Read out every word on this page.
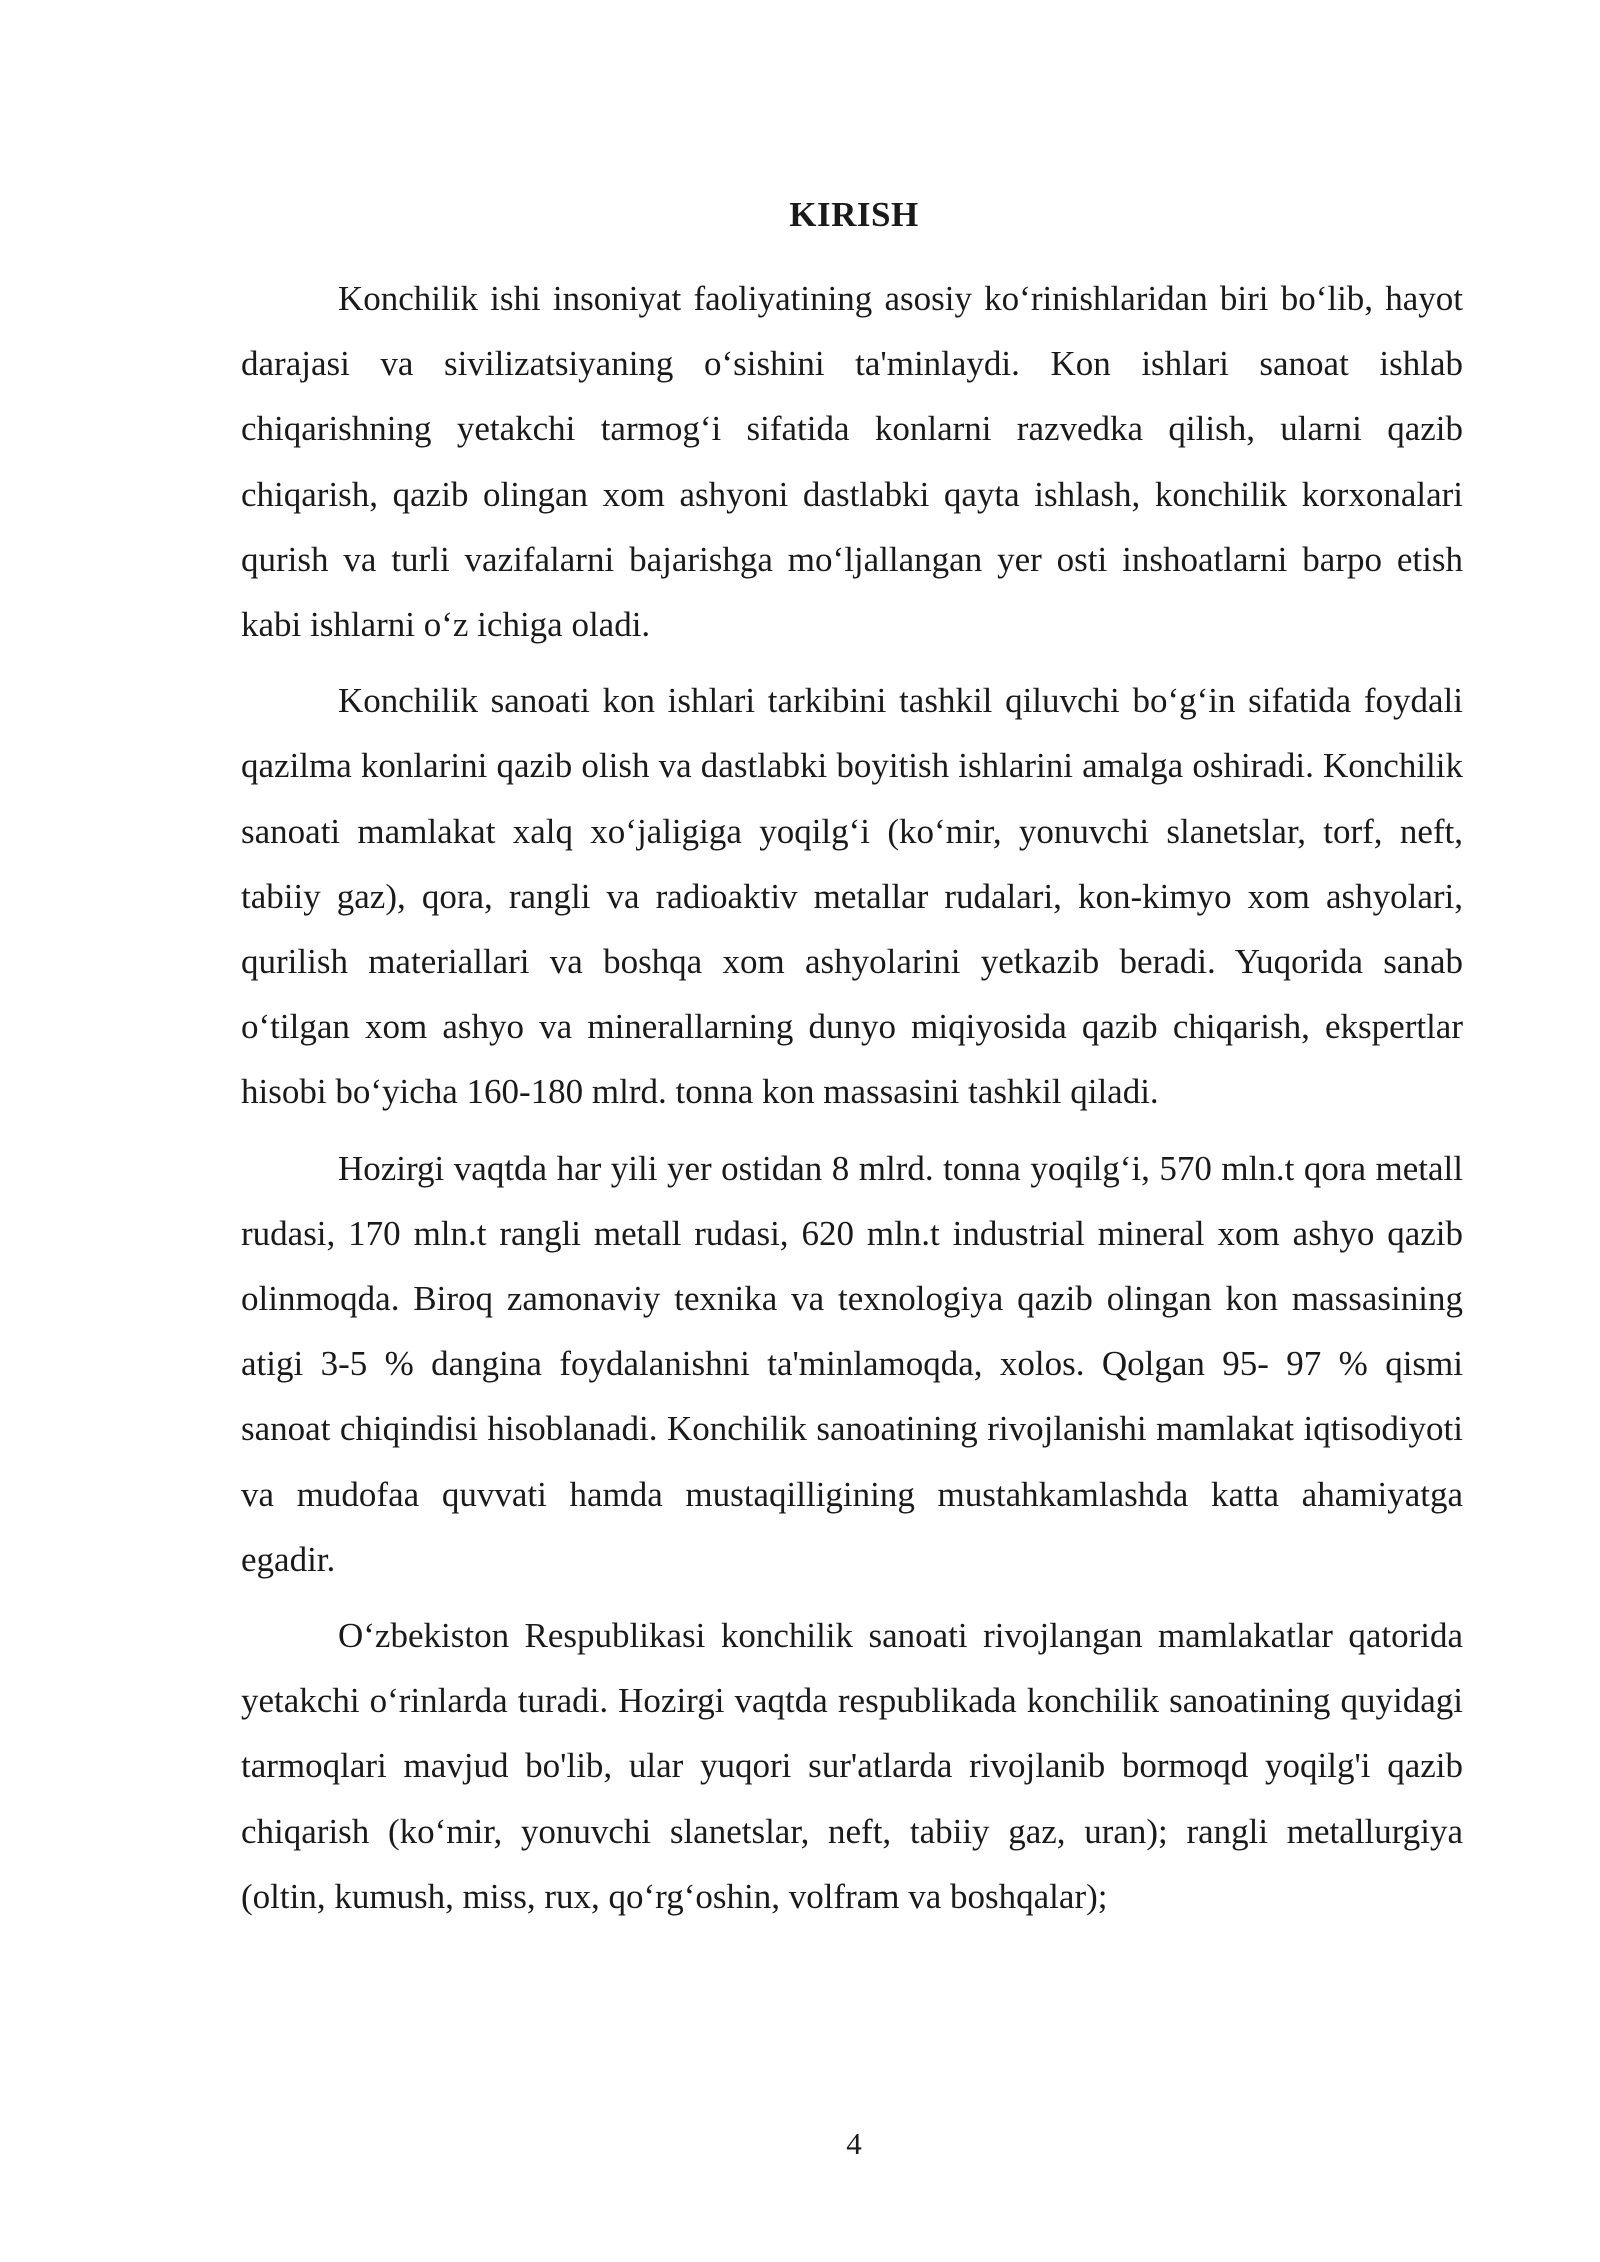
KIRISH

Konchilik ishi insoniyat faoliyatining asosiy ko‘rinishlaridan biri bo‘lib, hayot darajasi va sivilizatsiyaning o‘sishini ta'minlaydi. Kon ishlari sanoat ishlab chiqarishning yetakchi tarmog‘i sifatida konlarni razvedka qilish, ularni qazib chiqarish, qazib olingan xom ashyoni dastlabki qayta ishlash, konchilik korxonalari qurish va turli vazifalarni bajarishga mo‘ljallangan yer osti inshoatlarni barpo etish kabi ishlarni o‘z ichiga oladi.

Konchilik sanoati kon ishlari tarkibini tashkil qiluvchi bo‘g‘in sifatida foydali qazilma konlarini qazib olish va dastlabki boyitish ishlarini amalga oshiradi. Konchilik sanoati mamlakat xalq xo‘jaligiga yoqilg‘i (ko‘mir, yonuvchi slanetslar, torf, neft, tabiiy gaz), qora, rangli va radioaktiv metallar rudalari, kon-kimyo xom ashyolari, qurilish materiallari va boshqa xom ashyolarini yetkazib beradi. Yuqorida sanab o‘tilgan xom ashyo va minerallarning dunyo miqiyosida qazib chiqarish, ekspertlar hisobi bo‘yicha 160-180 mlrd. tonna kon massasini tashkil qiladi.

Hozirgi vaqtda har yili yer ostidan 8 mlrd. tonna yoqilg‘i, 570 mln.t qora metall rudasi, 170 mln.t rangli metall rudasi, 620 mln.t industrial mineral xom ashyo qazib olinmoqda. Biroq zamonaviy texnika va texnologiya qazib olingan kon massasining atigi 3-5 % dangina foydalanishni ta'minlamoqda, xolos. Qolgan 95- 97 % qismi sanoat chiqindisi hisoblanadi. Konchilik sanoatining rivojlanishi mamlakat iqtisodiyoti va mudofaa quvvati hamda mustaqilligining mustahkamlashda katta ahamiyatga egadir.

O‘zbekiston Respublikasi konchilik sanoati rivojlangan mamlakatlar qatorida yetakchi o‘rinlarda turadi. Hozirgi vaqtda respublikada konchilik sanoatining quyidagi tarmoqlari mavjud bo'lib, ular yuqori sur'atlarda rivojlanib bormoqd yoqilg'i qazib chiqarish (ko‘mir, yonuvchi slanetslar, neft, tabiiy gaz, uran); rangli metallurgiya (oltin, kumush, miss, rux, qo‘rg‘oshin, volfram va boshqalar);

4
